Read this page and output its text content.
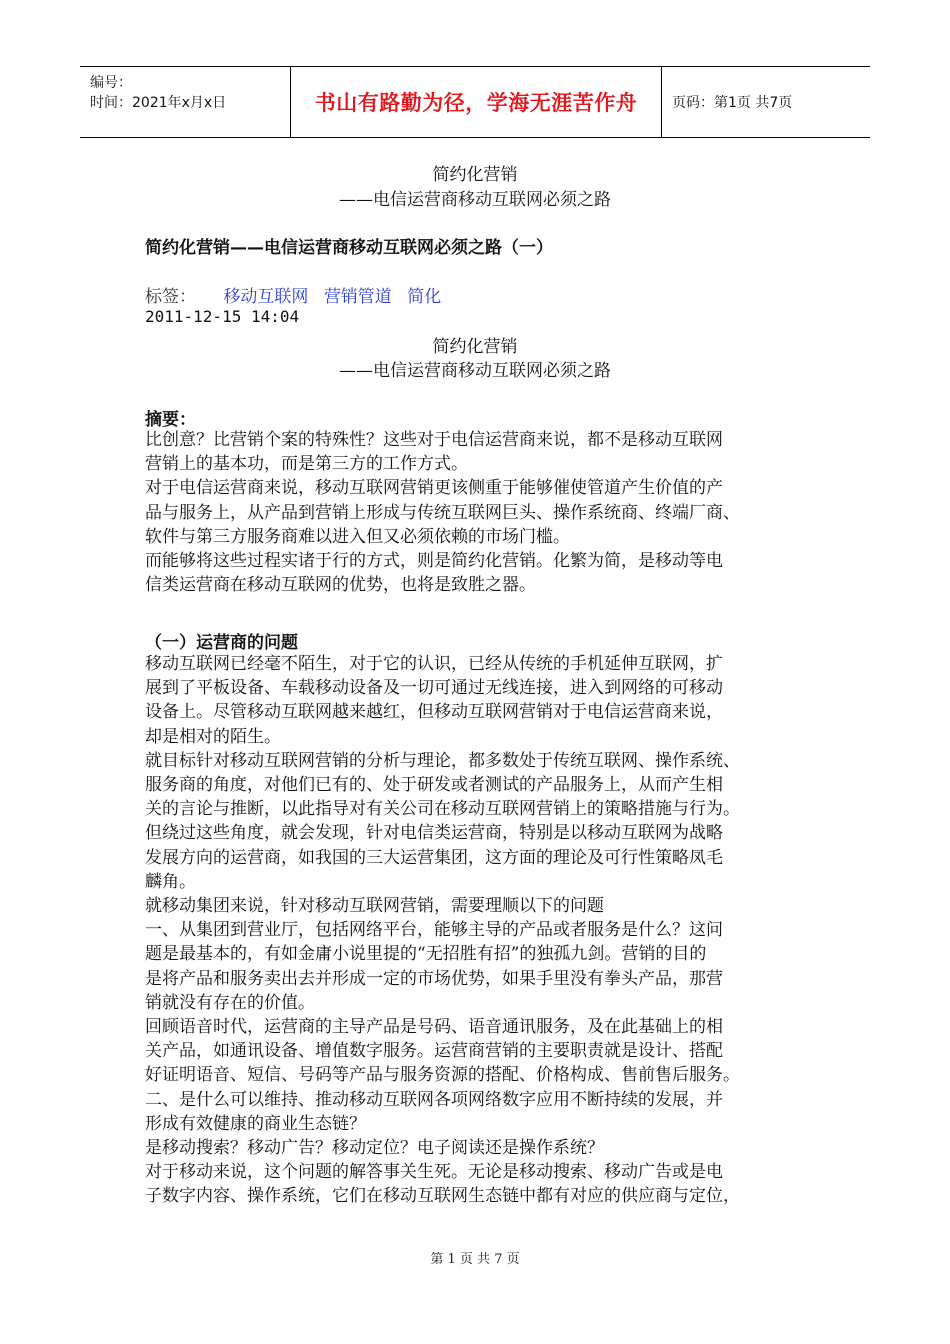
编号：
时间：2021年x月x日	书山有路勤为径，学海无涯苦作舟	页码：第1页 共7页
简约化营销
——电信运营商移动互联网必须之路
简约化营销——电信运营商移动互联网必须之路（一）
标签： 移动互联网 营销管道 简化
2011-12-15 14:04
简约化营销
——电信运营商移动互联网必须之路
摘要：

比创意？比营销个案的特殊性？这些对于电信运营商来说，都不是移动互联网

营销上的基本功，而是第三方的工作方式。

对于电信运营商来说，移动互联网营销更该侧重于能够催使管道产生价值的产

品与服务上，从产品到营销上形成与传统互联网巨头、操作系统商、终端厂商、

软件与第三方服务商难以进入但又必须依赖的市场门槛。

而能够将这些过程实诸于行的方式，则是简约化营销。化繁为简，是移动等电

信类运营商在移动互联网的优势，也将是致胜之器。

（一）运营商的问题

移动互联网已经毫不陌生，对于它的认识，已经从传统的手机延伸互联网，扩

展到了平板设备、车载移动设备及一切可通过无线连接，进入到网络的可移动

设备上。尽管移动互联网越来越红，但移动互联网营销对于电信运营商来说，

却是相对的陌生。

就目标针对移动互联网营销的分析与理论，都多数处于传统互联网、操作系统、

服务商的角度，对他们已有的、处于研发或者测试的产品服务上，从而产生相

关的言论与推断，以此指导对有关公司在移动互联网营销上的策略措施与行为。

但绕过这些角度，就会发现，针对电信类运营商，特别是以移动互联网为战略

发展方向的运营商，如我国的三大运营集团，这方面的理论及可行性策略凤毛

麟角。

就移动集团来说，针对移动互联网营销，需要理顺以下的问题

一、从集团到营业厅，包括网络平台，能够主导的产品或者服务是什么？这问

题是最基本的，有如金庸小说里提的“无招胜有招”的独孤九剑。营销的目的

是将产品和服务卖出去并形成一定的市场优势，如果手里没有拳头产品，那营

销就没有存在的价值。

回顾语音时代，运营商的主导产品是号码、语音通讯服务，及在此基础上的相

关产品，如通讯设备、增值数字服务。运营商营销的主要职责就是设计、搭配

好证明语音、短信、号码等产品与服务资源的搭配、价格构成、售前售后服务。

二、是什么可以维持、推动移动互联网各项网络数字应用不断持续的发展，并

形成有效健康的商业生态链？

是移动搜索？移动广告？移动定位？电子阅读还是操作系统？

对于移动来说，这个问题的解答事关生死。无论是移动搜索、移动广告或是电

子数字内容、操作系统，它们在移动互联网生态链中都有对应的供应商与定位，

第 1 页 共 7 页
